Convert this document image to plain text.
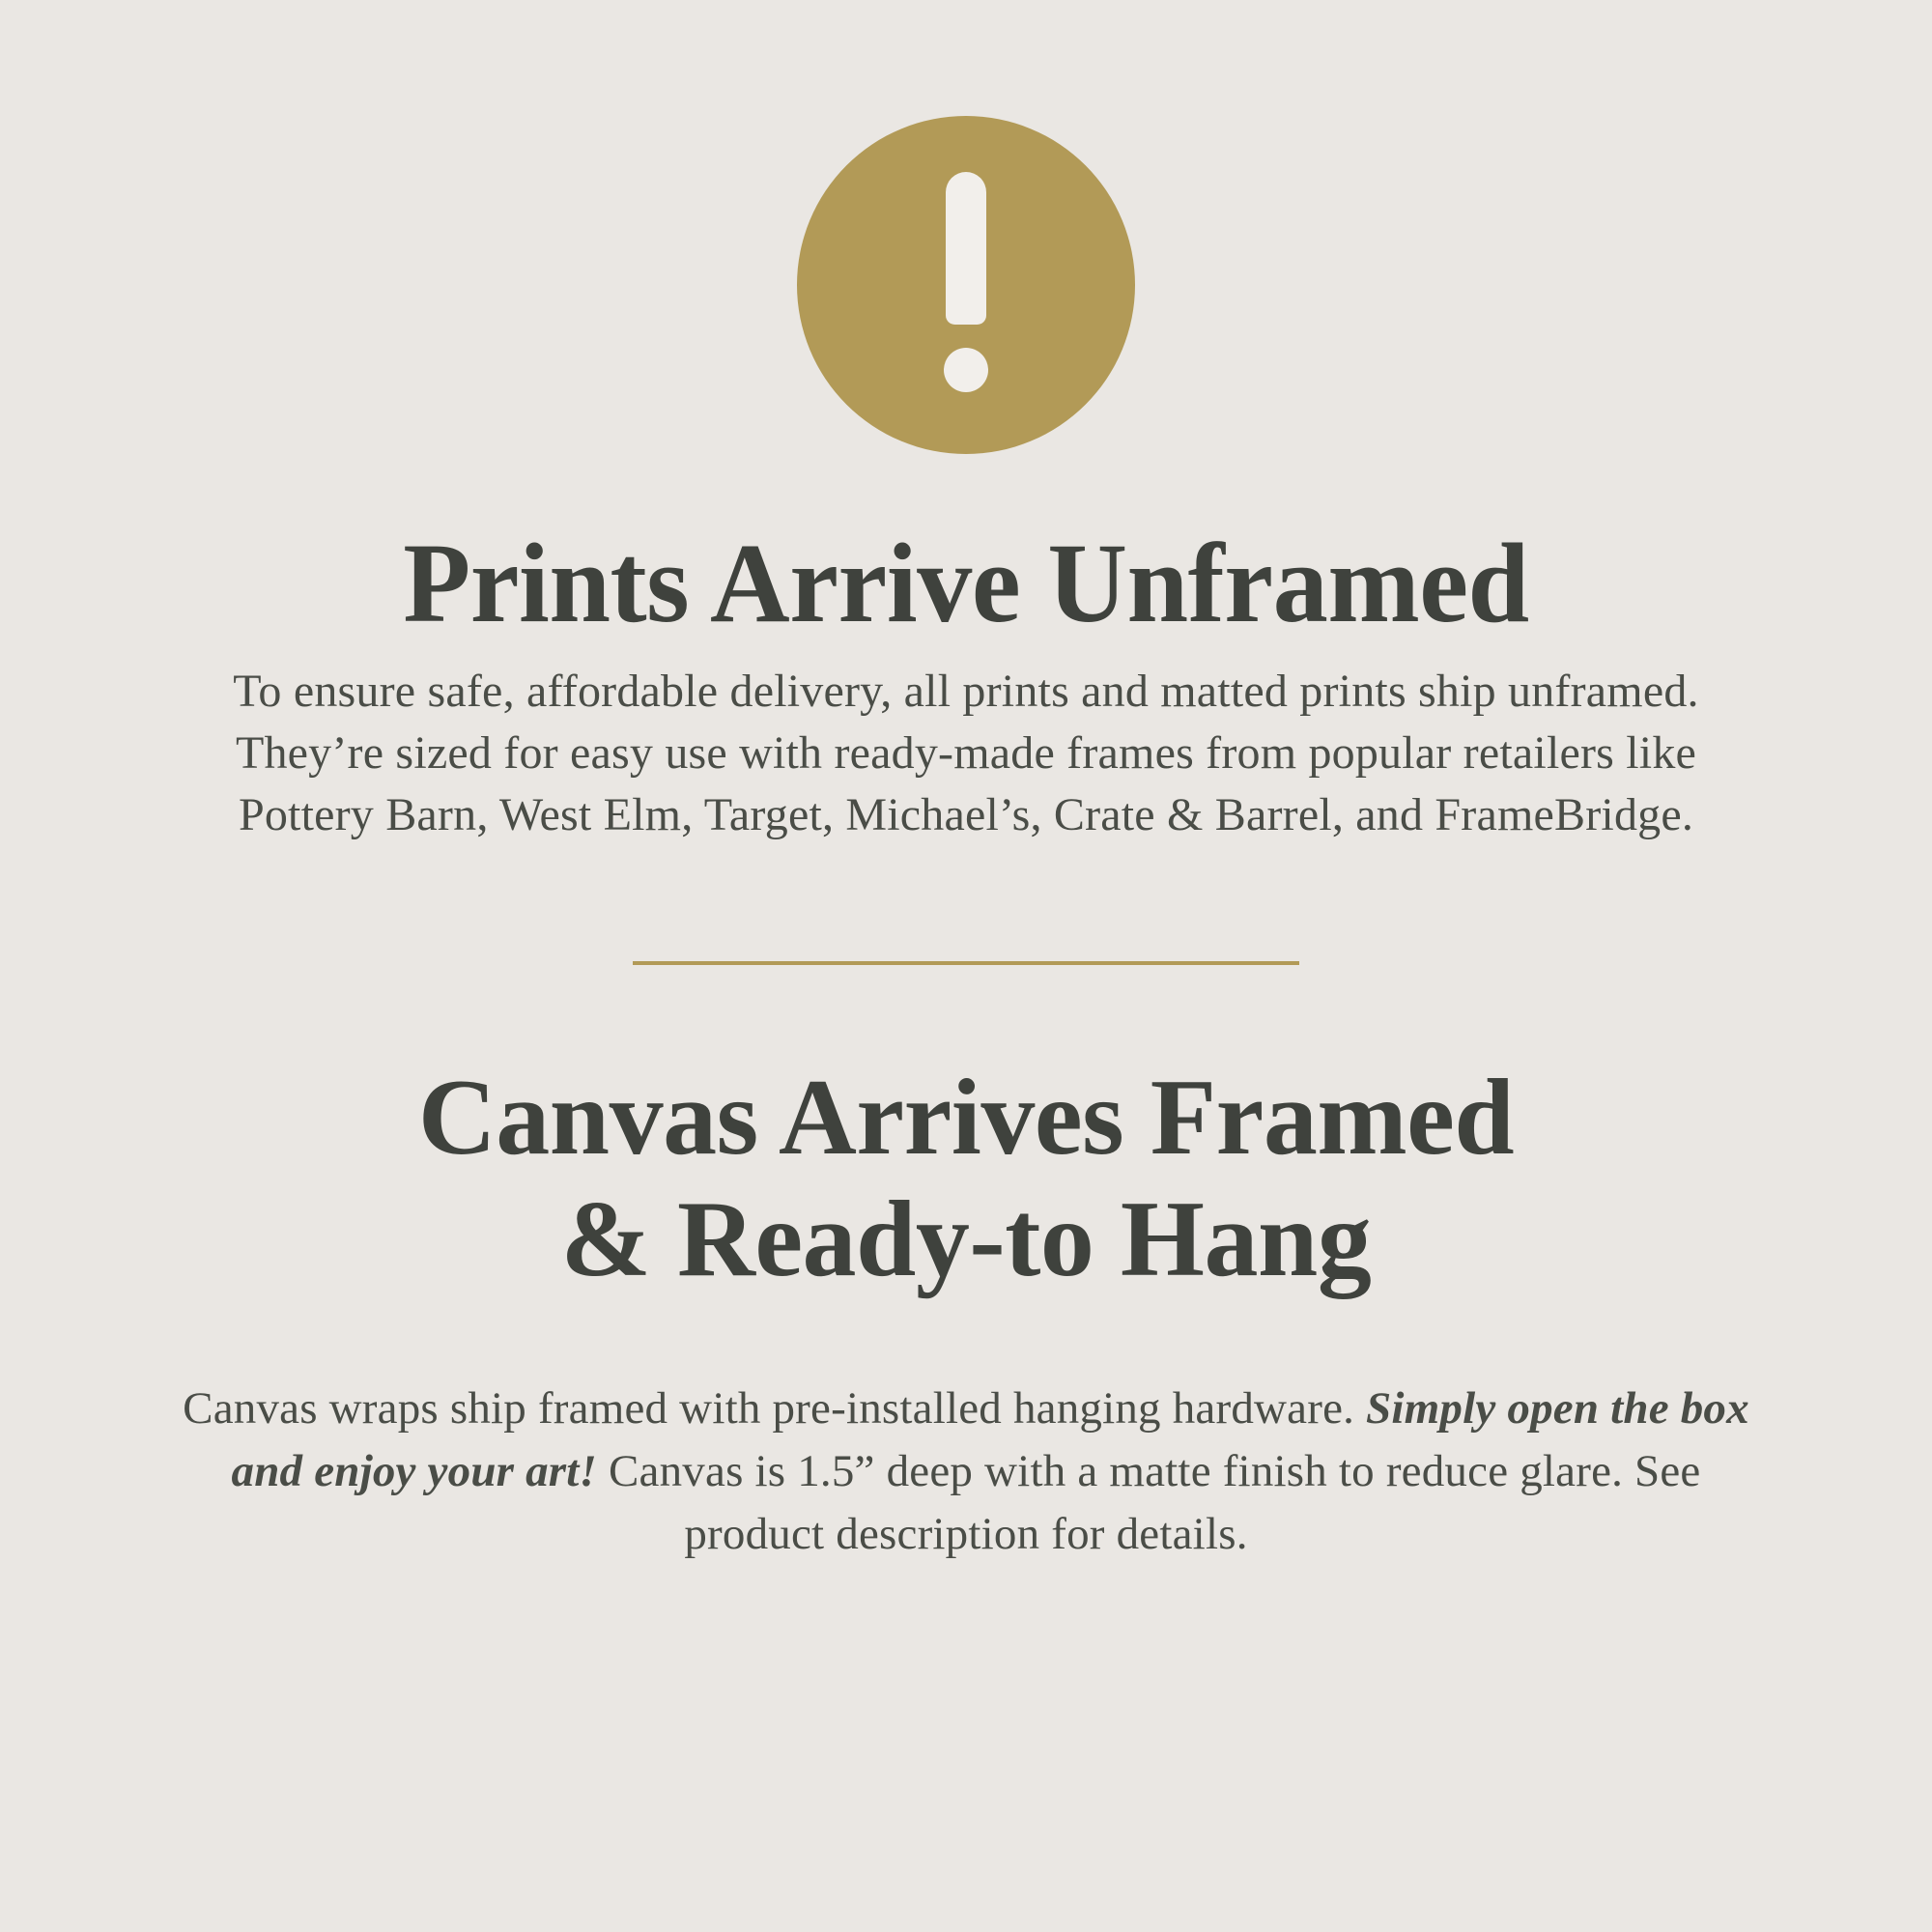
Prints Arrive Unframed
To ensure safe, affordable delivery, all prints and matted prints ship unframed. They’re sized for easy use with ready-made frames from popular retailers like Pottery Barn, West Elm, Target, Michael’s, Crate & Barrel, and FrameBridge.
Canvas Arrives Framed
& Ready-to Hang
Canvas wraps ship framed with pre-installed hanging hardware. Simply open the box and enjoy your art! Canvas is 1.5” deep with a matte finish to reduce glare. See product description for details.
